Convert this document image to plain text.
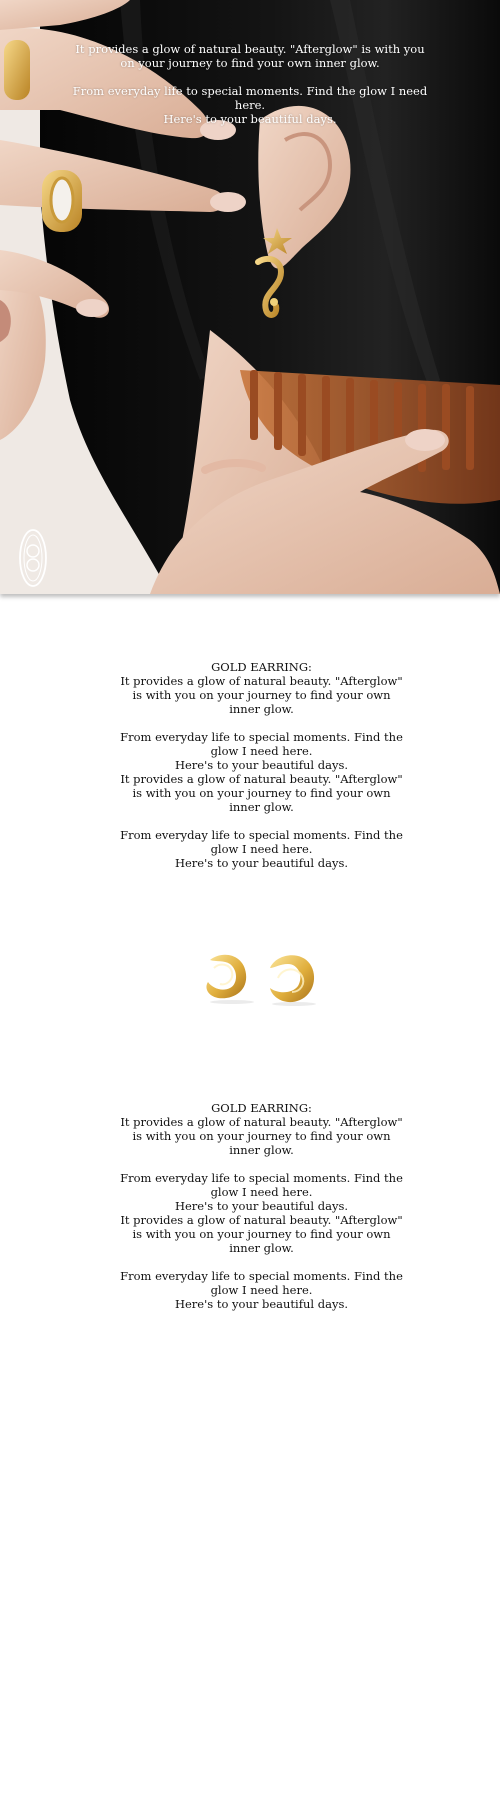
It provides a glow of natural beauty. "Afterglow" is with you on your journey to find your own inner glow.

From everyday life to special moments. Find the glow I need here.

Here's to your beautiful days.

GOLD EARRING:

It provides a glow of natural beauty. "Afterglow" is with you on your journey to find your own inner glow.

From everyday life to special moments. Find the glow I need here.

Here's to your beautiful days.

It provides a glow of natural beauty. "Afterglow" is with you on your journey to find your own inner glow.

From everyday life to special moments. Find the glow I need here.

Here's to your beautiful days.

GOLD EARRING:

It provides a glow of natural beauty. "Afterglow" is with you on your journey to find your own inner glow.

From everyday life to special moments. Find the glow I need here.

Here's to your beautiful days.

It provides a glow of natural beauty. "Afterglow" is with you on your journey to find your own inner glow.

From everyday life to special moments. Find the glow I need here.

Here's to your beautiful days.
